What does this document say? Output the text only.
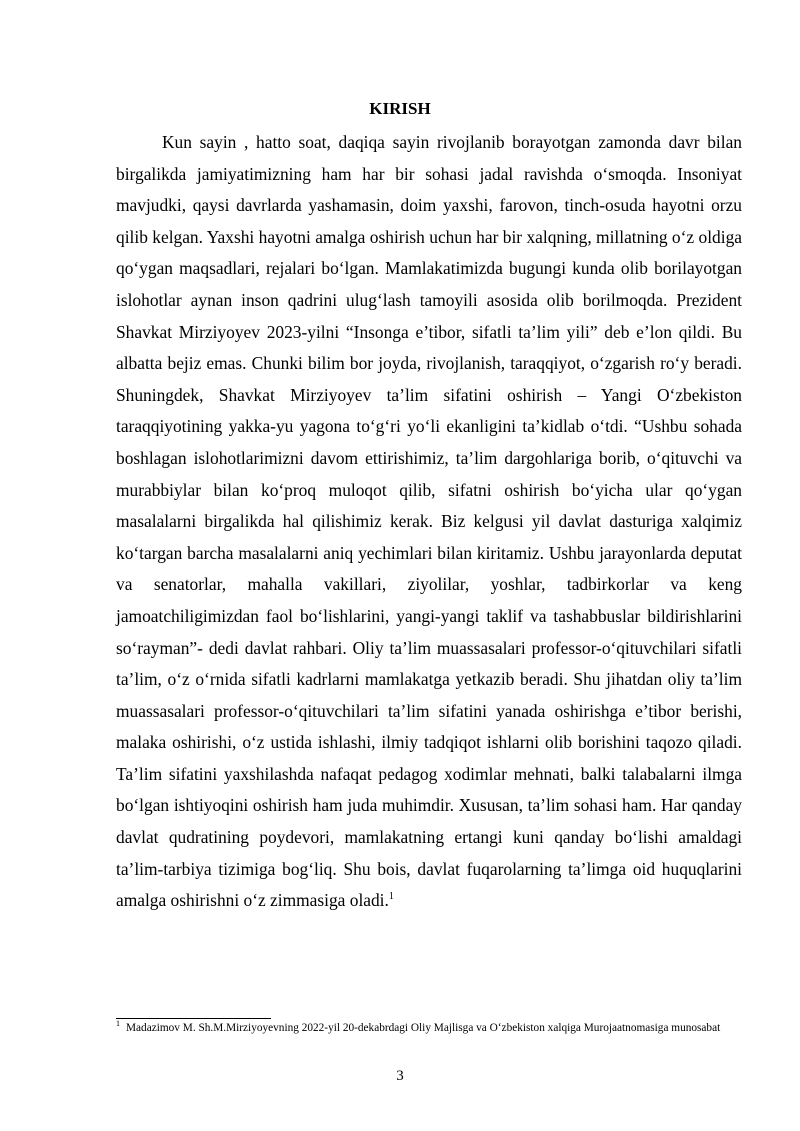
KIRISH

Kun sayin , hatto soat, daqiqa sayin rivojlanib borayotgan zamonda davr bilan birgalikda jamiyatimizning ham har bir sohasi jadal ravishda o‘smoqda. Insoniyat mavjudki, qaysi davrlarda yashamasin, doim yaxshi, farovon, tinch-osuda hayotni orzu qilib kelgan. Yaxshi hayotni amalga oshirish uchun har bir xalqning, millatning o‘z oldiga qo‘ygan maqsadlari, rejalari bo‘lgan. Mamlakatimizda bugungi kunda olib borilayotgan islohotlar aynan inson qadrini ulug‘lash tamoyili asosida olib borilmoqda. Prezident Shavkat Mirziyoyev 2023-yilni “Insonga e’tibor, sifatli ta’lim yili” deb e’lon qildi. Bu albatta bejiz emas. Chunki bilim bor joyda, rivojlanish, taraqqiyot, o‘zgarish ro‘y beradi. Shuningdek, Shavkat Mirziyoyev ta’lim sifatini oshirish – Yangi O‘zbekiston taraqqiyotining yakka-yu yagona to‘g‘ri yo‘li ekanligini ta’kidlab o‘tdi. “Ushbu sohada boshlagan islohotlarimizni davom ettirishimiz, ta’lim dargohlariga borib, o‘qituvchi va murabbiylar bilan ko‘proq muloqot qilib, sifatni oshirish bo‘yicha ular qo‘ygan masalalarni birgalikda hal qilishimiz kerak. Biz kelgusi yil davlat dasturiga xalqimiz ko‘targan barcha masalalarni aniq yechimlari bilan kiritamiz. Ushbu jarayonlarda deputat va senatorlar, mahalla vakillari, ziyolilar, yoshlar, tadbirkorlar va keng jamoatchiligimizdan faol bo‘lishlarini, yangi-yangi taklif va tashabbuslar bildirishlarini so‘rayman”- dedi davlat rahbari. Oliy ta’lim muassasalari professor-o‘qituvchilari sifatli ta’lim, o‘z o‘rnida sifatli kadrlarni mamlakatga yetkazib beradi. Shu jihatdan oliy ta’lim muassasalari professor-o‘qituvchilari ta’lim sifatini yanada oshirishga e’tibor berishi, malaka oshirishi, o‘z ustida ishlashi, ilmiy tadqiqot ishlarni olib borishini taqozo qiladi. Ta’lim sifatini yaxshilashda nafaqat pedagog xodimlar mehnati, balki talabalarni ilmga bo‘lgan ishtiyoqini oshirish ham juda muhimdir. Xususan, ta’lim sohasi ham. Har qanday davlat qudratining poydevori, mamlakatning ertangi kuni qanday bo‘lishi amaldagi ta’lim-tarbiya tizimiga bog‘liq. Shu bois, davlat fuqarolarning ta’limga oid huquqlarini amalga oshirishni o‘z zimmasiga oladi.$^1$

$^1$ Madazimov M. Sh.M.Mirziyoyevning 2022-yil 20-dekabrdagi Oliy Majlisga va O‘zbekiston xalqiga Murojaatnomasiga munosabat

3
